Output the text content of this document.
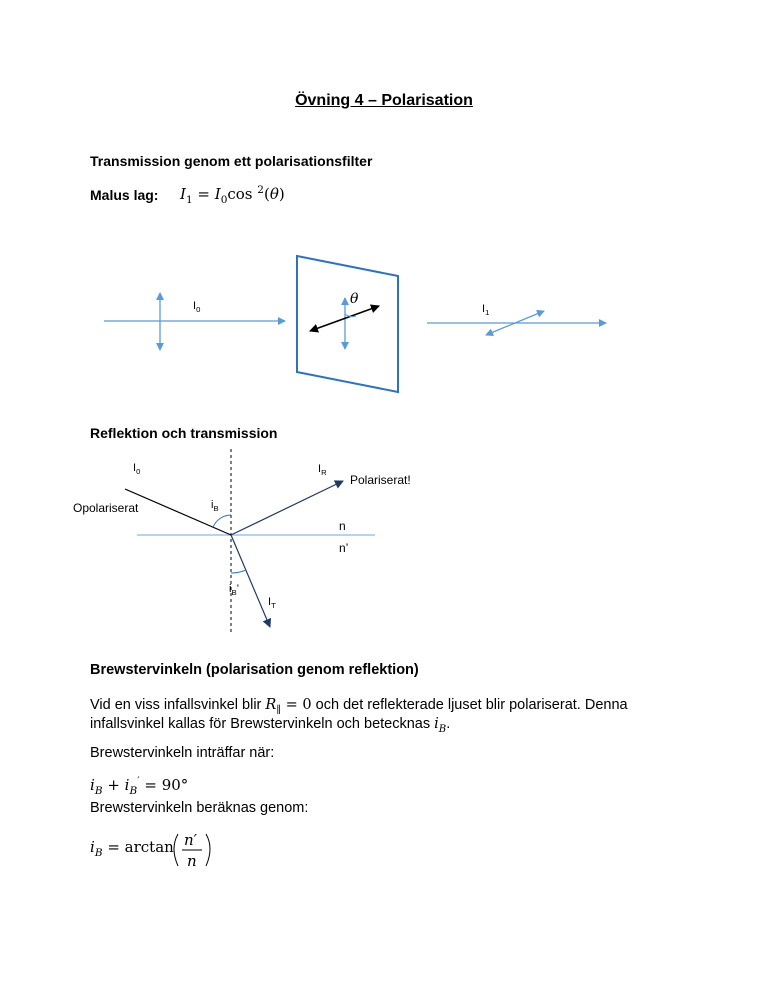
Övning 4 – Polarisation
Transmission genom ett polarisationsfilter
Malus lag: $I_1 = I_0\cos$ $^2$(θ)
$I_0$
θ
$I_1$
Reflektion och transmission
$I_0$	$I_R$
Polariserat!
Opolariserat	$i_B$
n
n’
$i_B$’
$I_T$
Brewstervinkeln (polarisation genom reflektion)
Vid en viss infallsvinkel blir $R_\parallel = 0$ och det reflekterade ljuset blir polariserat. Denna
infallsvinkel kallas för Brewstervinkeln och betecknas $i_B$.
Brewstervinkeln inträffar när:
$i_B + i_B' = 90^\circ$
Brewstervinkeln beräknas genom:
$i_B = \arctan n'$
n
